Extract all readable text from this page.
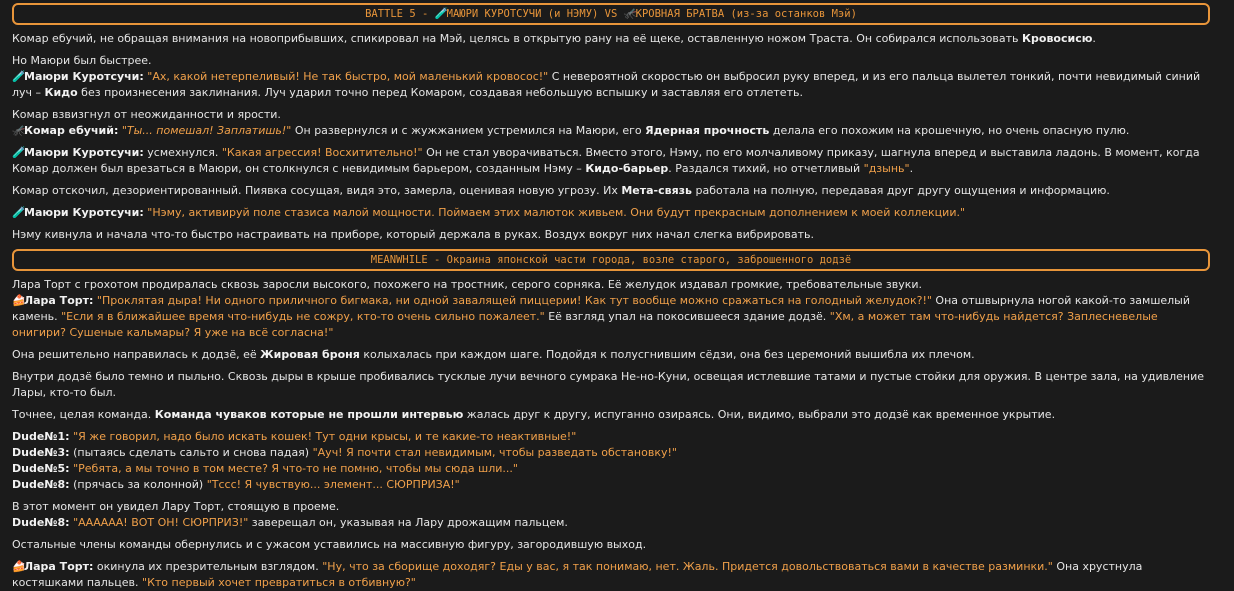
BATTLE 5 - 🧪МАЮРИ КУРОТСУЧИ (и НЭМУ) VS 🦟КРОВНАЯ БРАТВА (из-за останков Мэй)

Комар ебучий, не обращая внимания на новоприбывших, спикировал на Мэй, целясь в открытую рану на её щеке, оставленную ножом Траста. Он собирался использовать Кровосисю.

Но Маюри был быстрее.

🧪Маюри Куротсучи: "Ах, какой нетерпеливый! Не так быстро, мой маленький кровосос!" С невероятной скоростью он выбросил руку вперед, и из его пальца вылетел тонкий, почти невидимый синий луч – Кидо без произнесения заклинания. Луч ударил точно перед Комаром, создавая небольшую вспышку и заставляя его отлететь.

Комар взвизгнул от неожиданности и ярости.

🦟Комар ебучий: "Ты... помешал! Заплатишь!" Он развернулся и с жужжанием устремился на Маюри, его Ядерная прочность делала его похожим на крошечную, но очень опасную пулю.

🧪Маюри Куротсучи: усмехнулся. "Какая агрессия! Восхитительно!" Он не стал уворачиваться. Вместо этого, Нэму, по его молчаливому приказу, шагнула вперед и выставила ладонь. В момент, когда Комар должен был врезаться в Маюри, он столкнулся с невидимым барьером, созданным Нэму – Кидо-барьер. Раздался тихий, но отчетливый "дзынь".

Комар отскочил, дезориентированный. Пиявка сосущая, видя это, замерла, оценивая новую угрозу. Их Мета-связь работала на полную, передавая друг другу ощущения и информацию.

🧪Маюри Куротсучи: "Нэму, активируй поле стазиса малой мощности. Поймаем этих малюток живьем. Они будут прекрасным дополнением к моей коллекции."

Нэму кивнула и начала что-то быстро настраивать на приборе, который держала в руках. Воздух вокруг них начал слегка вибрировать.

MEANWHILE - Окраина японской части города, возле старого, заброшенного додзё

Лара Торт с грохотом продиралась сквозь заросли высокого, похожего на тростник, серого сорняка. Её желудок издавал громкие, требовательные звуки.

🍰Лара Торт: "Проклятая дыра! Ни одного приличного бигмака, ни одной завалящей пиццерии! Как тут вообще можно сражаться на голодный желудок?!" Она отшвырнула ногой какой-то замшелый камень. "Если я в ближайшее время что-нибудь не сожру, кто-то очень сильно пожалеет." Её взгляд упал на покосившееся здание додзё. "Хм, а может там что-нибудь найдется? Заплесневелые онигири? Сушеные кальмары? Я уже на всё согласна!"

Она решительно направилась к додзё, её Жировая броня колыхалась при каждом шаге. Подойдя к полусгнившим сёдзи, она без церемоний вышибла их плечом.

Внутри додзё было темно и пыльно. Сквозь дыры в крыше пробивались тусклые лучи вечного сумрака Не-но-Куни, освещая истлевшие татами и пустые стойки для оружия. В центре зала, на удивление Лары, кто-то был.

Точнее, целая команда. Команда чуваков которые не прошли интервью жалась друг к другу, испуганно озираясь. Они, видимо, выбрали это додзё как временное укрытие.

Dude№1: "Я же говорил, надо было искать кошек! Тут одни крысы, и те какие-то неактивные!"

Dude№3: (пытаясь сделать сальто и снова падая) "Ауч! Я почти стал невидимым, чтобы разведать обстановку!"

Dude№5: "Ребята, а мы точно в том месте? Я что-то не помню, чтобы мы сюда шли..."

Dude№8: (прячась за колонной) "Тссс! Я чувствую... элемент... СЮРПРИЗА!"

В этот момент он увидел Лару Торт, стоящую в проеме.

Dude№8: "АААААА! ВОТ ОН! СЮРПРИЗ!" заверещал он, указывая на Лару дрожащим пальцем.

Остальные члены команды обернулись и с ужасом уставились на массивную фигуру, загородившую выход.

🍰Лара Торт: окинула их презрительным взглядом. "Ну, что за сборище доходяг? Еды у вас, я так понимаю, нет. Жаль. Придется довольствоваться вами в качестве разминки." Она хрустнула костяшками пальцев. "Кто первый хочет превратиться в отбивную?"
